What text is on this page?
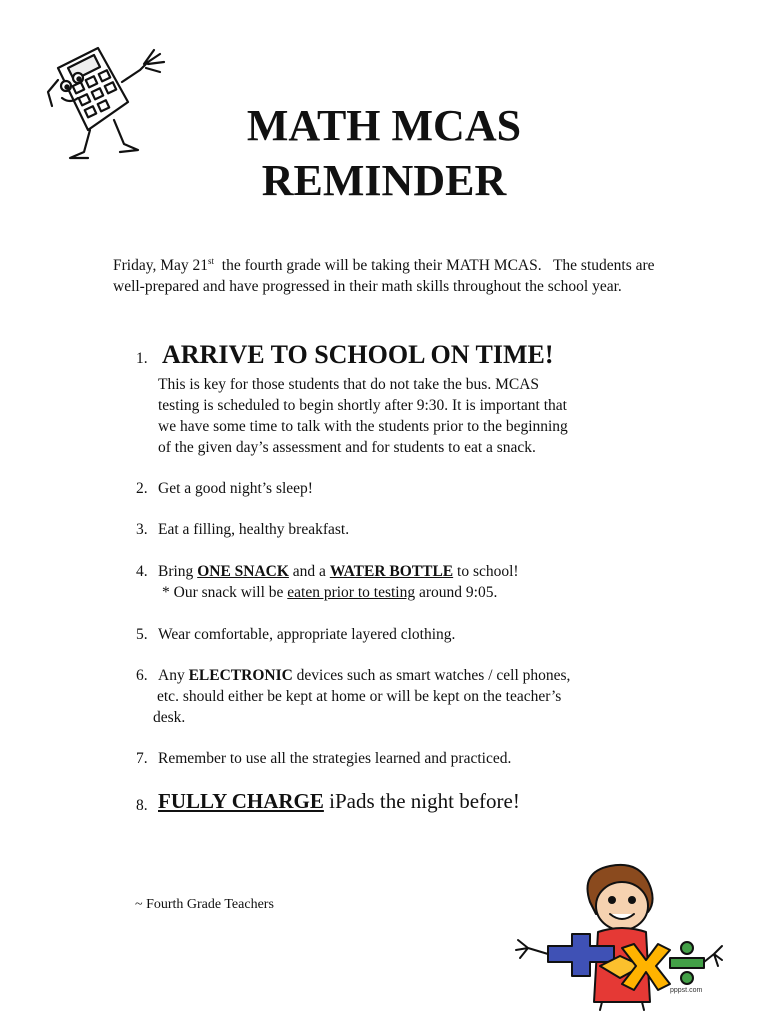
MATH MCAS
REMINDER
Friday, May 21st  the fourth grade will be taking their MATH MCAS.   The students are well-prepared and have progressed in their math skills throughout the school year.
1. ARRIVE TO SCHOOL ON TIME!
This is key for those students that do not take the bus. MCAS
testing is scheduled to begin shortly after 9:30. It is important that
we have some time to talk with the students prior to the beginning
of the given day’s assessment and for students to eat a snack.
2. Get a good night’s sleep!
3. Eat a filling, healthy breakfast.
4. Bring ONE SNACK and a WATER BOTTLE to school!
* Our snack will be eaten prior to testing around 9:05.
5. Wear comfortable, appropriate layered clothing.
6. Any ELECTRONIC devices such as smart watches / cell phones,
etc. should either be kept at home or will be kept on the teacher’s
desk.
7. Remember to use all the strategies learned and practiced.
8. FULLY CHARGE iPads the night before!
~ Fourth Grade Teachers
pppst.com
